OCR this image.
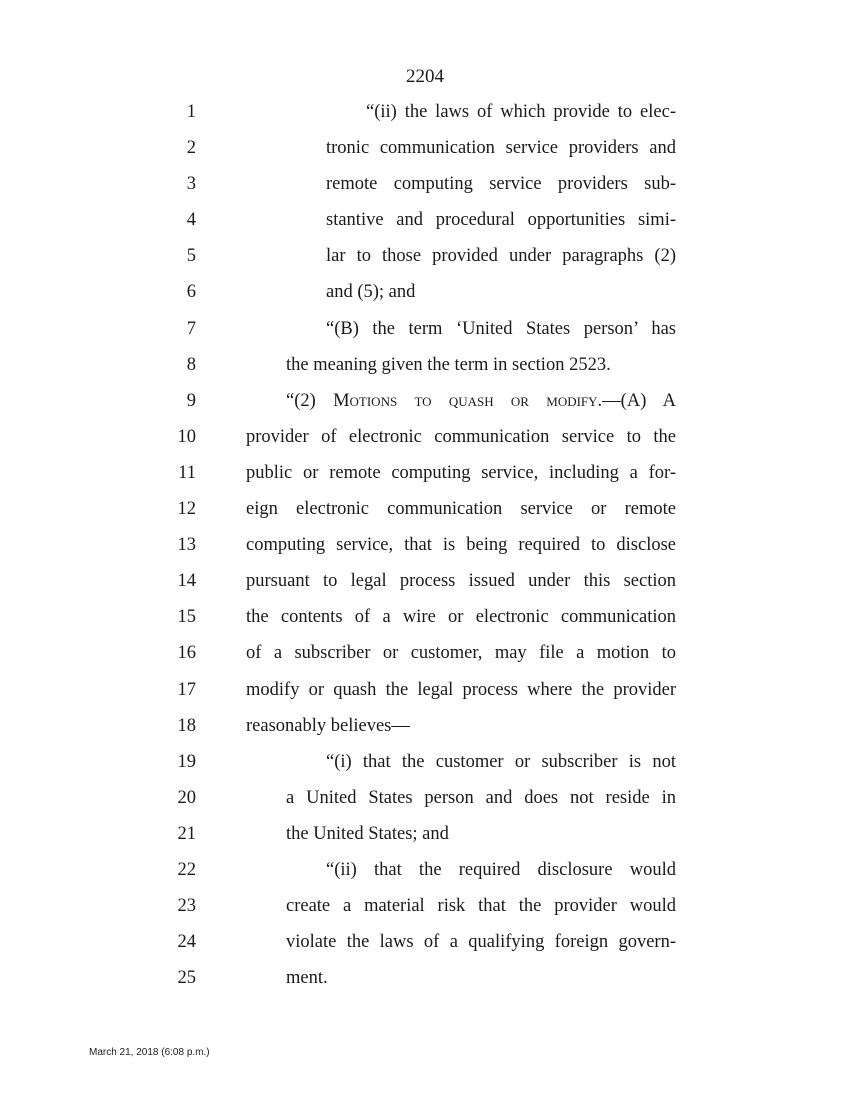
2204
1	“(ii) the laws of which provide to elec-
2	tronic communication service providers and
3	remote computing service providers sub-
4	stantive and procedural opportunities simi-
5	lar to those provided under paragraphs (2)
6	and (5); and
7	“(B) the term ‘United States person’ has
8	the meaning given the term in section 2523.
9	“(2) Motions to quash or modify.—(A) A
10	provider of electronic communication service to the
11	public or remote computing service, including a for-
12	eign electronic communication service or remote
13	computing service, that is being required to disclose
14	pursuant to legal process issued under this section
15	the contents of a wire or electronic communication
16	of a subscriber or customer, may file a motion to
17	modify or quash the legal process where the provider
18	reasonably believes—
19	“(i) that the customer or subscriber is not
20	a United States person and does not reside in
21	the United States; and
22	“(ii) that the required disclosure would
23	create a material risk that the provider would
24	violate the laws of a qualifying foreign govern-
25	ment.
March 21, 2018 (6:08 p.m.)
